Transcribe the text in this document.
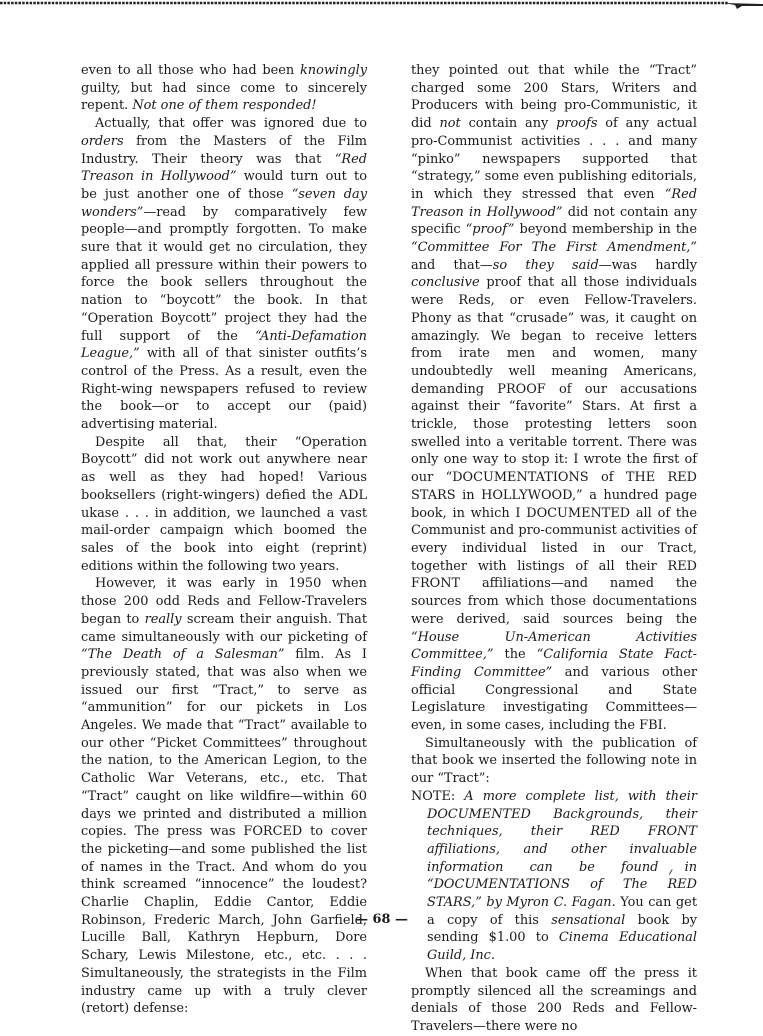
even to all those who had been knowingly guilty, but had since come to sincerely repent. Not one of them responded!

Actually, that offer was ignored due to orders from the Masters of the Film Industry. Their theory was that “Red Treason in Hollywood” would turn out to be just another one of those “seven day wonders”—read by comparatively few people—and promptly forgotten. To make sure that it would get no circulation, they applied all pressure within their powers to force the book sellers throughout the nation to “boycott” the book. In that “Operation Boycott” project they had the full support of the “Anti-Defamation League,” with all of that sinister outfits’s control of the Press. As a result, even the Right-wing newspapers refused to review the book—or to accept our (paid) advertising material.

Despite all that, their “Operation Boycott” did not work out anywhere near as well as they had hoped! Various booksellers (right-wingers) defied the ADL ukase . . . in addition, we launched a vast mail-order campaign which boomed the sales of the book into eight (reprint) editions within the following two years.

However, it was early in 1950 when those 200 odd Reds and Fellow-Travelers began to really scream their anguish. That came simultaneously with our picketing of “The Death of a Salesman” film. As I previously stated, that was also when we issued our first “Tract,” to serve as “ammunition” for our pickets in Los Angeles. We made that “Tract” available to our other “Picket Committees” throughout the nation, to the American Legion, to the Catholic War Veterans, etc., etc. That “Tract” caught on like wildfire—within 60 days we printed and distributed a million copies. The press was FORCED to cover the picketing—and some published the list of names in the Tract. And whom do you think screamed “innocence” the loudest? Charlie Chaplin, Eddie Cantor, Eddie Robinson, Frederic March, John Garfield, Lucille Ball, Kathryn Hepburn, Dore Schary, Lewis Milestone, etc., etc. . . . Simultaneously, the strategists in the Film industry came up with a truly clever (retort) defense:

they pointed out that while the “Tract” charged some 200 Stars, Writers and Producers with being pro-Communistic, it did not contain any proofs of any actual pro-Communist activities . . . and many “pinko” newspapers supported that “strategy,” some even publishing editorials, in which they stressed that even “Red Treason in Hollywood” did not contain any specific “proof” beyond membership in the “Committee For The First Amendment,” and that—so they said—was hardly conclusive proof that all those individuals were Reds, or even Fellow-Travelers. Phony as that “crusade” was, it caught on amazingly. We began to receive letters from irate men and women, many undoubtedly well meaning Americans, demanding PROOF of our accusations against their “favorite” Stars. At first a trickle, those protesting letters soon swelled into a veritable torrent. There was only one way to stop it: I wrote the first of our “DOCUMENTATIONS of THE RED STARS in HOLLYWOOD,” a hundred page book, in which I DOCUMENTED all of the Communist and pro-communist activities of every individual listed in our Tract, together with listings of all their RED FRONT affiliations—and named the sources from which those documentations were derived, said sources being the “House Un-American Activities Committee,” the “California State Fact-Finding Committee” and various other official Congressional and State Legislature investigating Committees—even, in some cases, including the FBI.

Simultaneously with the publication of that book we inserted the following note in our “Tract”:

NOTE: A more complete list, with their DOCUMENTED Backgrounds, their techniques, their RED FRONT affiliations, and other invaluable information can be found in “DOCUMENTATIONS of The RED STARS,” by Myron C. Fagan. You can get a copy of this sensational book by sending $1.00 to Cinema Educational Guild, Inc.

When that book came off the press it promptly silenced all the screamings and denials of those 200 Reds and Fellow-Travelers—there were no

— 68 —
